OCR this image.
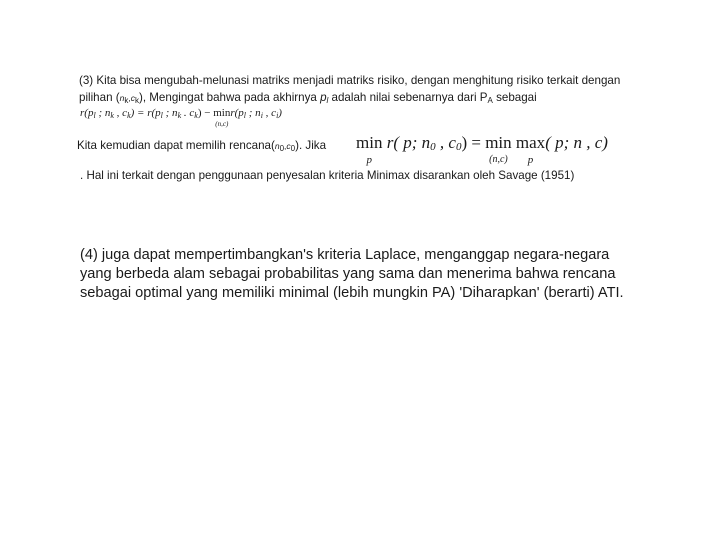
(3) Kita bisa mengubah-melunasi matriks menjadi matriks risiko, dengan menghitung risiko terkait dengan
pilihan $(n_k,c_k)$, Mengingat bahwa pada akhirnya $p_l$ adalah nilai sebenarnya dari $P_A$ sebagai
$r(p_l$ ; $n_k$ , $c_k) = r(p_l$ ; $n_k$ . $c_k) - \min$
(n,c)
$r(p_l$ ; $n_i$ , $c_i$)
Kita kemudian dapat memilih $rencana(n_0,c_0)$. Jika min
p
r( p; n0 , c0) = min
(n,c)
max
p
( p; n , c)
. Hal ini terkait dengan penggunaan penyesalan kriteria Minimax disarankan oleh Savage (1951)
(4) juga dapat mempertimbangkan's kriteria Laplace, menganggap negara-negara
yang berbeda alam sebagai probabilitas yang sama dan menerima bahwa rencana
sebagai optimal yang memiliki minimal (lebih mungkin PA) 'Diharapkan' (berarti) ATI.
